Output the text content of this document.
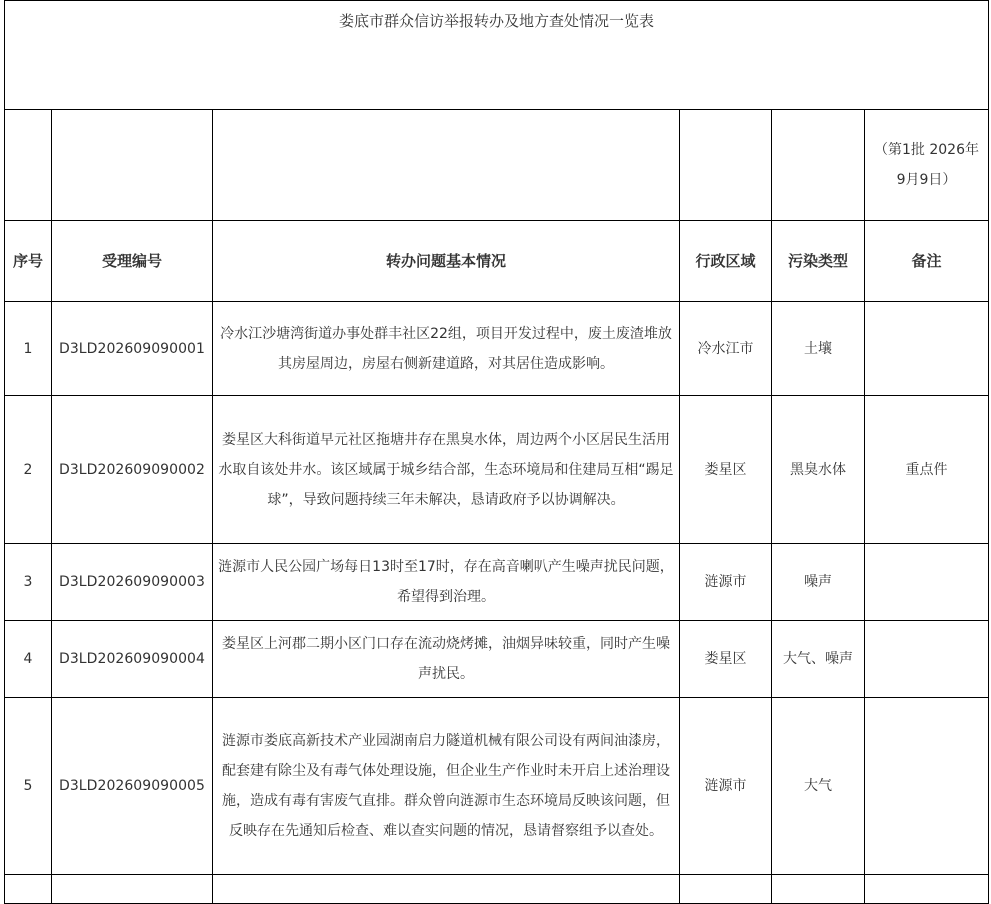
娄底市群众信访举报转办及地方查处情况一览表					
					（第1批 2026年9月9日）
序号	受理编号	转办问题基本情况	行政区域	污染类型	备注
1	D3LD202609090001	冷水江沙塘湾街道办事处群丰社区22组，项目开发过程中，废土废渣堆放其房屋周边，房屋右侧新建道路，对其居住造成影响。	冷水江市	土壤	
2	D3LD202609090002	娄星区大科街道早元社区拖塘井存在黑臭水体，周边两个小区居民生活用水取自该处井水。该区域属于城乡结合部，生态环境局和住建局互相“踢足球”，导致问题持续三年未解决，恳请政府予以协调解决。	娄星区	黑臭水体	重点件
3	D3LD202609090003	涟源市人民公园广场每日13时至17时，存在高音喇叭产生噪声扰民问题，希望得到治理。	涟源市	噪声	
4	D3LD202609090004	娄星区上河郡二期小区门口存在流动烧烤摊，油烟异味较重，同时产生噪声扰民。	娄星区	大气、噪声	
5	D3LD202609090005	涟源市娄底高新技术产业园湖南启力隧道机械有限公司设有两间油漆房，配套建有除尘及有毒气体处理设施，但企业生产作业时未开启上述治理设施，造成有毒有害废气直排。群众曾向涟源市生态环境局反映该问题，但反映存在先通知后检查、难以查实问题的情况，恳请督察组予以查处。	涟源市	大气	
